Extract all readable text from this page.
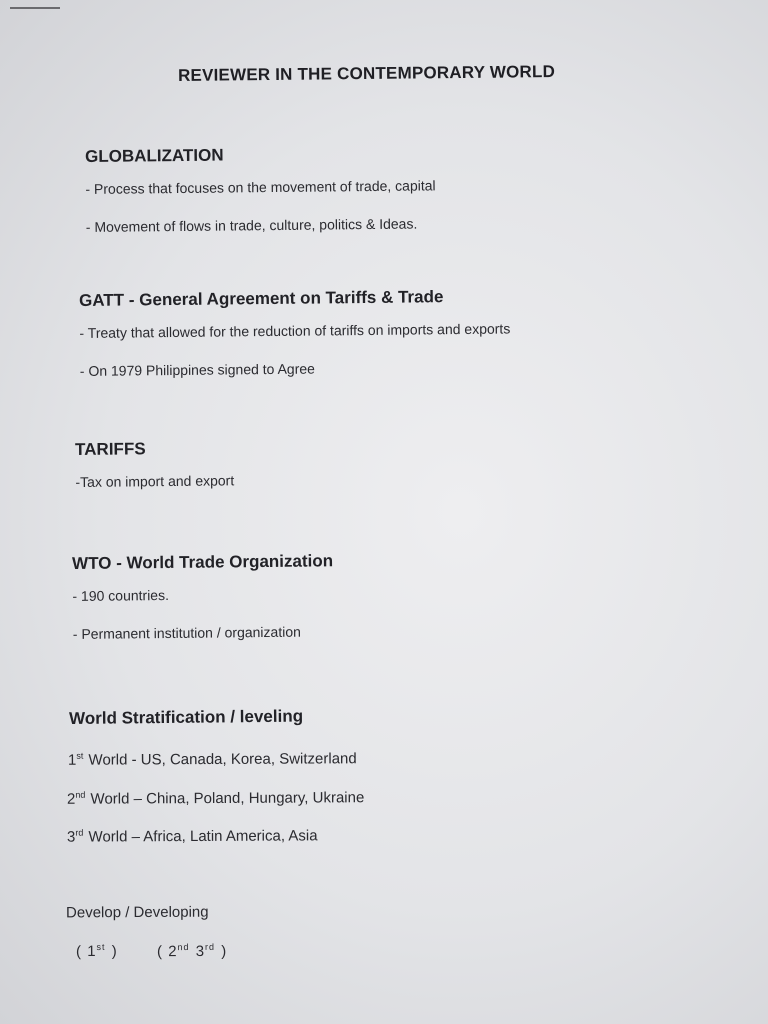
REVIEWER IN THE CONTEMPORARY WORLD
GLOBALIZATION
- Process that focuses on the movement of trade, capital
- Movement of flows in trade, culture, politics & Ideas.
GATT - General Agreement on Tariffs & Trade
- Treaty that allowed for the reduction of tariffs on imports and exports
- On 1979 Philippines signed to Agree
TARIFFS
-Tax on import and export
WTO - World Trade Organization
- 190 countries.
- Permanent institution / organization
World Stratification / leveling
1st World - US, Canada, Korea, Switzerland
2nd World – China, Poland, Hungary, Ukraine
3rd World – Africa, Latin America, Asia
Develop / Developing
( 1st )	( 2nd 3rd )
